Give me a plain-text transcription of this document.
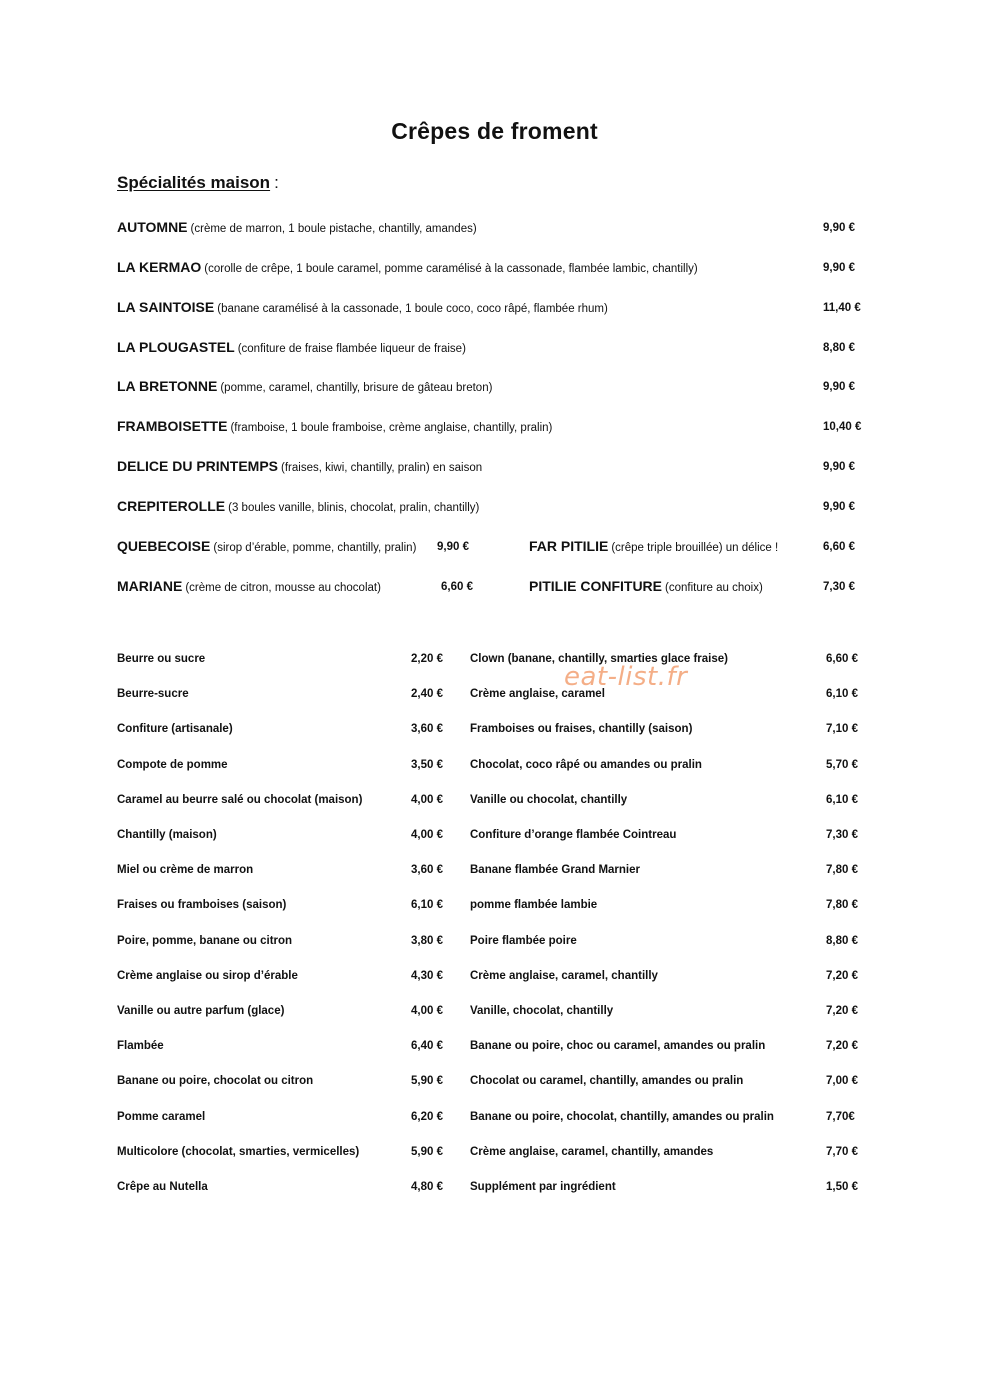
Crêpes de froment
Spécialités maison :
AUTOMNE (crème de marron, 1 boule pistache, chantilly, amandes)	9,90 €
LA KERMAO (corolle de crêpe, 1 boule caramel, pomme caramélisé à la cassonade, flambée lambic, chantilly)	9,90 €
LA SAINTOISE (banane caramélisé à la cassonade, 1 boule coco, coco râpé, flambée rhum)	11,40 €
LA PLOUGASTEL (confiture de fraise flambée liqueur de fraise)	8,80 €
LA BRETONNE (pomme, caramel, chantilly, brisure de gâteau breton)	9,90 €
FRAMBOISETTE (framboise, 1 boule framboise, crème anglaise, chantilly, pralin)	10,40 €
DELICE DU PRINTEMPS (fraises, kiwi, chantilly, pralin) en saison	9,90 €
CREPITEROLLE (3 boules vanille, blinis, chocolat, pralin, chantilly)	9,90 €
QUEBECOISE (sirop d’érable, pomme, chantilly, pralin) 9,90 €	FAR PITILIE (crêpe triple brouillée) un délice !	6,60 €
MARIANE (crème de citron, mousse au chocolat)	6,60 €	PITILIE CONFITURE (confiture au choix)	7,30 €
Beurre ou sucre	2,20 €
Beurre-sucre	2,40 €
Confiture (artisanale)	3,60 €
Compote de pomme	3,50 €
Caramel au beurre salé ou chocolat (maison)	4,00 €
Chantilly (maison)	4,00 €
Miel ou crème de marron	3,60 €
Fraises ou framboises (saison)	6,10 €
Poire, pomme, banane ou citron	3,80 €
Crème anglaise ou sirop d’érable	4,30 €
Vanille ou autre parfum (glace)	4,00 €
Flambée	6,40 €
Banane ou poire, chocolat ou citron	5,90 €
Pomme caramel	6,20 €
Multicolore (chocolat, smarties, vermicelles)	5,90 €
Crêpe au Nutella	4,80 €
Clown (banane, chantilly, smarties glace fraise)	6,60 €
Crème anglaise, caramel	6,10 €
Framboises ou fraises, chantilly (saison)	7,10 €
Chocolat, coco râpé ou amandes ou pralin	5,70 €
Vanille ou chocolat, chantilly	6,10 €
Confiture d’orange flambée Cointreau	7,30 €
Banane flambée Grand Marnier	7,80 €
pomme flambée lambie	7,80 €
Poire flambée poire	8,80 €
Crème anglaise, caramel, chantilly	7,20 €
Vanille, chocolat, chantilly	7,20 €
Banane ou poire, choc ou caramel, amandes ou pralin	7,20 €
Chocolat ou caramel, chantilly, amandes ou pralin	7,00 €
Banane ou poire, chocolat, chantilly, amandes ou pralin	7,70€
Crème anglaise, caramel, chantilly, amandes	7,70 €
Supplément par ingrédient	1,50 €
eat-list.fr
